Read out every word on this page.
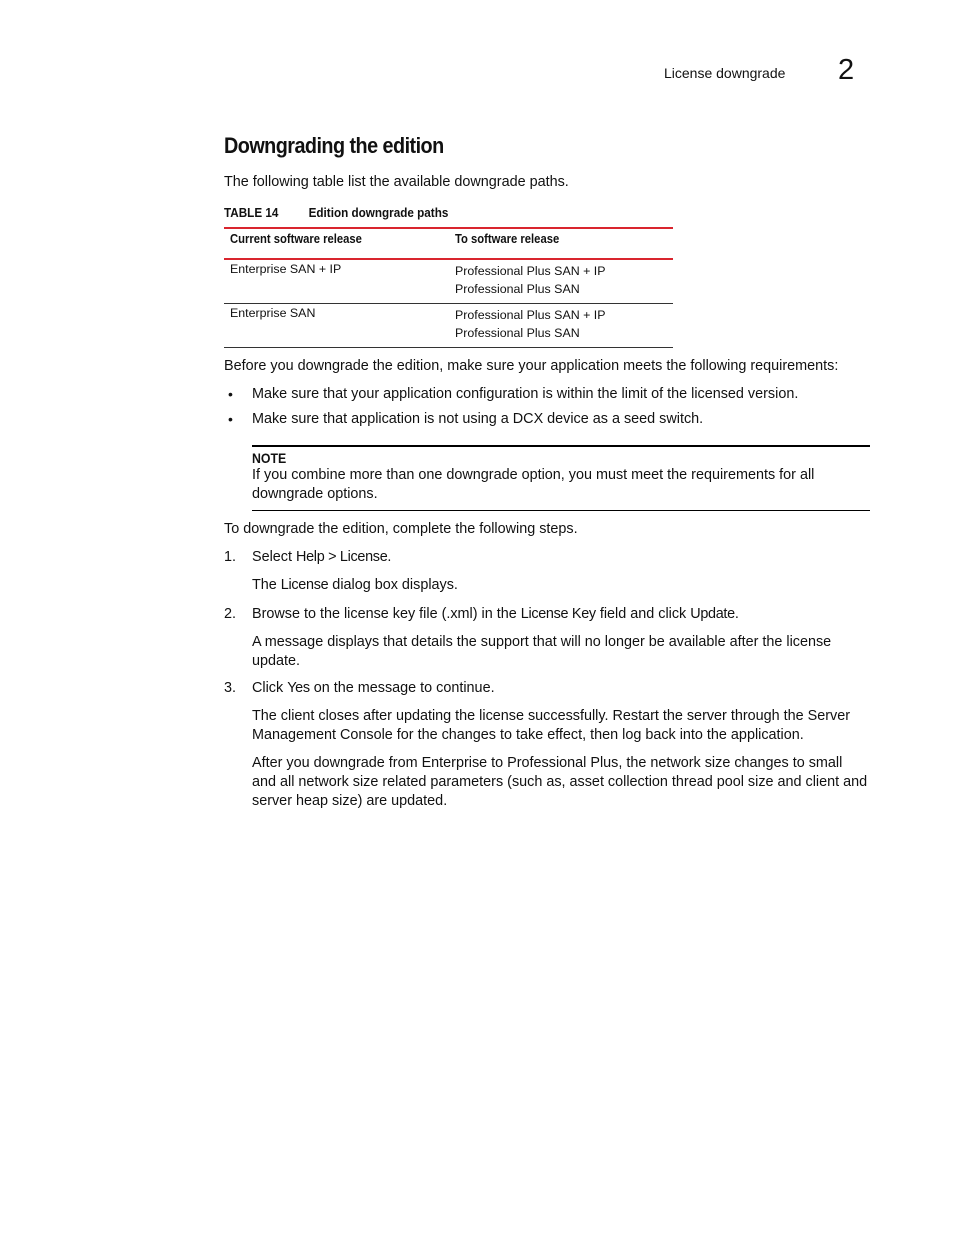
License downgrade 2
Downgrading the edition
The following table list the available downgrade paths.
TABLE 14 Edition downgrade paths
Current software release	To software release
Enterprise SAN + IP	Professional Plus SAN + IP
Professional Plus SAN
Enterprise SAN	Professional Plus SAN + IP
Professional Plus SAN
Before you downgrade the edition, make sure your application meets the following requirements:
• Make sure that your application configuration is within the limit of the licensed version.
• Make sure that application is not using a DCX device as a seed switch.
NOTE
If you combine more than one downgrade option, you must meet the requirements for all downgrade options.
To downgrade the edition, complete the following steps.
1. Select Help > License.
The License dialog box displays.
2. Browse to the license key file (.xml) in the License Key field and click Update.
A message displays that details the support that will no longer be available after the license update.
3. Click Yes on the message to continue.
The client closes after updating the license successfully. Restart the server through the Server Management Console for the changes to take effect, then log back into the application.
After you downgrade from Enterprise to Professional Plus, the network size changes to small and all network size related parameters (such as, asset collection thread pool size and client and server heap size) are updated.
